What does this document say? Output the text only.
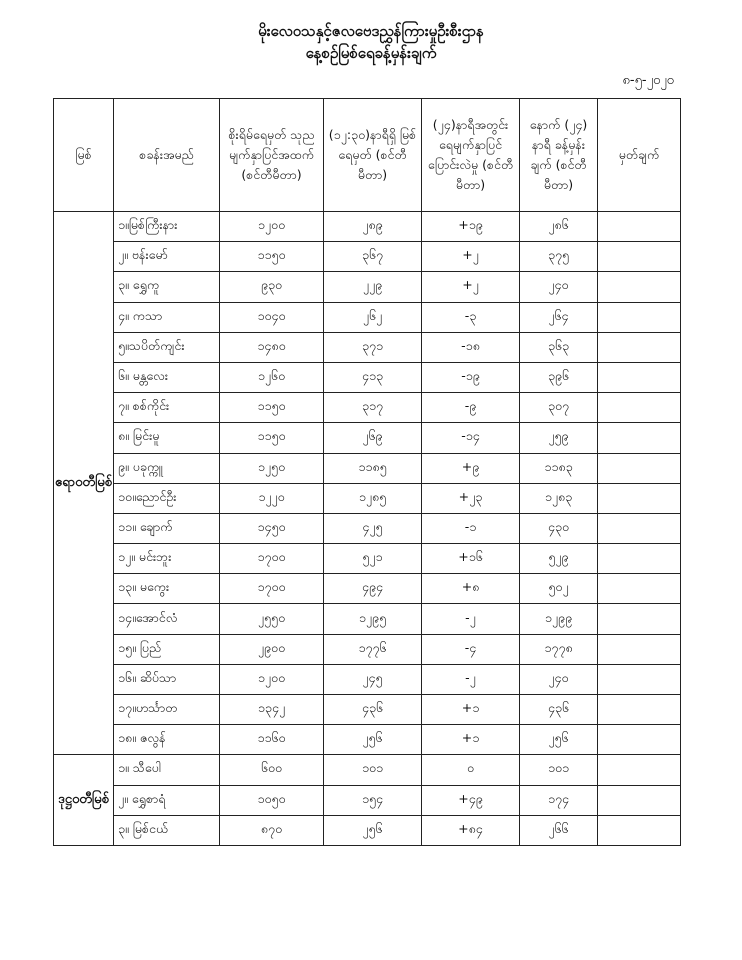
မိုးလေဝသနှင့်ဇလဗေဒညွှန်ကြားမှုဦးစီးဌာန
နေ့စဉ်မြစ်ရေခန့်မှန်းချက်
၈-၅-၂၀၂၀
မြစ်	စခန်းအမည်	စိုးရိမ်ရေမှတ် သုညမျက်နှာပြင်အထက် (စင်တီမီတာ)	(၁၂:၃၀)နာရီရှိ မြစ်ရေမှတ် (စင်တီမီတာ)	(၂၄)နာရီအတွင်း ရေမျက်နှာပြင် ပြောင်းလဲမှု (စင်တီမီတာ)	နောက် (၂၄) နာရီ ခန့်မှန်းချက် (စင်တီမီတာ)	မှတ်ချက်
ဧရာဝတီမြစ်	၁။မြစ်ကြီးနား	၁၂၀၀	၂၈၉	+၁၉	၂၈၆	
	၂။ ဗန်းမော်	၁၁၅၀	၃၆၇	+၂	၃၇၅	
	၃။ ရွှေကူ	၉၃၀	၂၂၉	+၂	၂၄၀	
	၄။ ကသာ	၁၀၄၀	၂၆၂	-၃	၂၆၄	
	၅။သပိတ်ကျင်း	၁၄၈၀	၃၇၁	-၁၈	၃၆၃	
	၆။ မန္တလေး	၁၂၆၀	၄၁၃	-၁၉	၃၉၆	
	၇။ စစ်ကိုင်း	၁၁၅၀	၃၁၇	-၉	၃၀၇	
	၈။ မြင်းမူ	၁၁၅၀	၂၆၉	-၁၄	၂၅၉	
	၉။ ပခုက္ကူ	၁၂၅၀	၁၁၈၅	+၉	၁၁၈၃	
	၁၀။ညောင်ဦး	၁၂၂၀	၁၂၈၅	+၂၃	၁၂၈၃	
	၁၁။ ချောက်	၁၄၅၀	၄၂၅	-၁	၄၃၀	
	၁၂။ မင်းဘူး	၁၇၀၀	၅၂၁	+၁၆	၅၂၉	
	၁၃။ မကွေး	၁၇၀၀	၄၉၄	+၈	၅၀၂	
	၁၄။အောင်လံ	၂၅၅၀	၁၂၉၅	-၂	၁၂၉၉	
	၁၅။ ပြည်	၂၉၀၀	၁၇၇၆	-၄	၁၇၇၈	
	၁၆။ ဆိပ်သာ	၁၂၀၀	၂၄၅	-၂	၂၄၀	
	၁၇။ဟင်္သာတ	၁၃၄၂	၄၃၆	+၁	၄၃၆	
	၁၈။ ဇလွန်	၁၁၆၀	၂၅၆	+၁	၂၅၆	
ဒုဋ္ဌဝတီမြစ်	၁။ သီပေါ	၆၀၀	၁၀၁	၀	၁၀၁	
	၂။ ရွှေစာရံ	၁၀၅၀	၁၅၄	+၄၉	၁၇၄	
	၃။ မြစ်ငယ်	၈၇၀	၂၅၆	+၈၄	၂၆၆	
